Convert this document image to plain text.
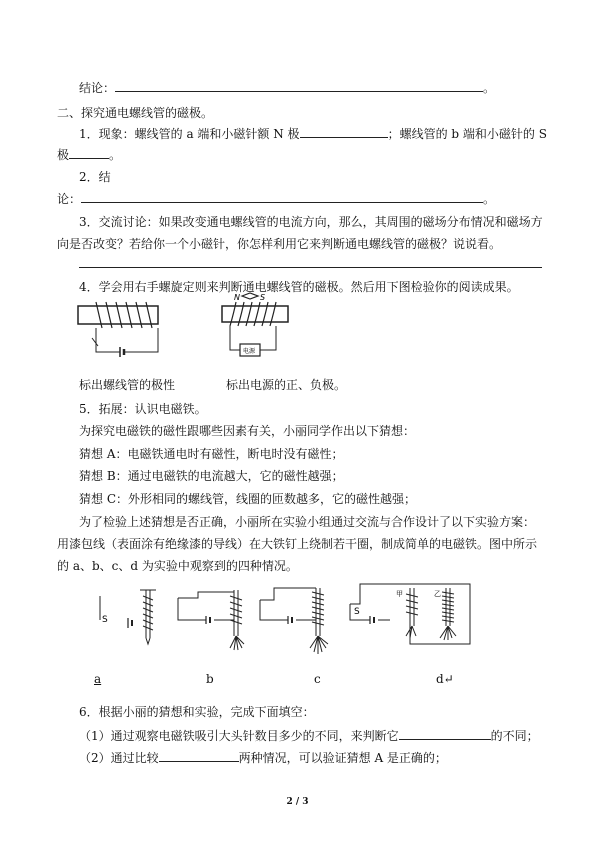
结论：	。
二、探究通电螺线管的磁极。
1．现象：螺线管的 a 端和小磁针额 N 极	；螺线管的 b 端和小磁针的 S
极	。
2．结
论：	。
3．交流讨论：如果改变通电螺线管的电流方向，那么，其周围的磁场分布情况和磁场方
向是否改变？若给你一个小磁针，你怎样利用它来判断通电螺线管的磁极？说说看。
4．学会用右手螺旋定则来判断通电螺线管的磁极。然后用下图检验你的阅读成果。
N	S
电源
标出螺线管的极性	标出电源的正、负极。
5．拓展：认识电磁铁。
为探究电磁铁的磁性跟哪些因素有关，小丽同学作出以下猜想：
猜想 A：电磁铁通电时有磁性，断电时没有磁性；
猜想 B：通过电磁铁的电流越大，它的磁性越强；
猜想 C：外形相同的螺线管，线圈的匝数越多，它的磁性越强；
为了检验上述猜想是否正确，小丽所在实验小组通过交流与合作设计了以下实验方案：
用漆包线（表面涂有绝缘漆的导线）在大铁钉上绕制若干圈，制成简单的电磁铁。图中所示
的 a、b、c、d 为实验中观察到的四种情况。
S
S
甲	乙
a	b	c	d↵
6．根据小丽的猜想和实验，完成下面填空：
（1）通过观察电磁铁吸引大头针数目多少的不同，来判断它	的不同；
（2）通过比较	两种情况，可以验证猜想 A 是正确的；
2 / 3
